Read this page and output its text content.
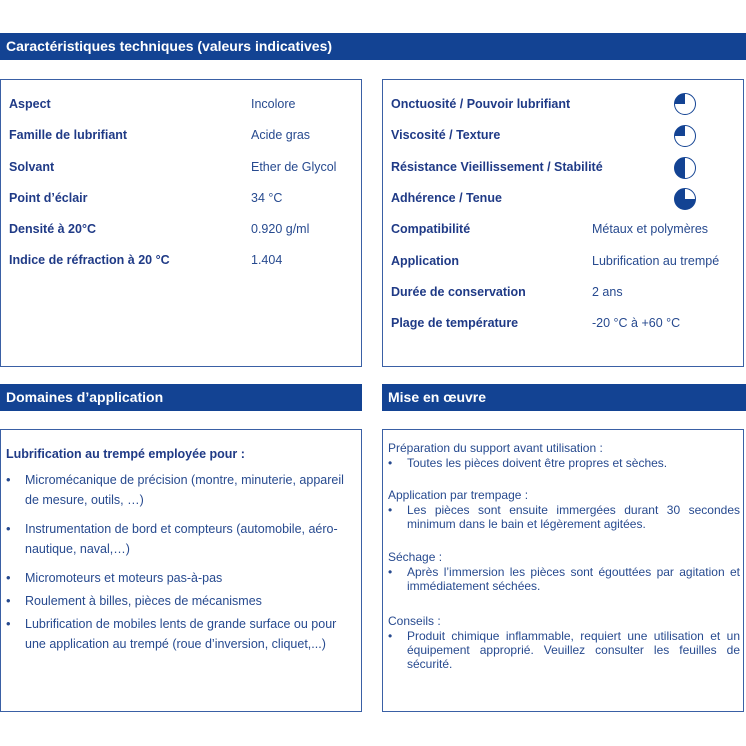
Caractéristiques techniques (valeurs indicatives)
Aspect	Incolore
Famille de lubrifiant	Acide gras
Solvant	Ether de Glycol
Point d’éclair	34 °C
Densité à 20°C	0.920 g/ml
Indice de réfraction à 20 °C	1.404
Onctuosité / Pouvoir lubrifiant
Viscosité / Texture
Résistance Vieillissement / Stabilité
Adhérence / Tenue
Compatibilité	Métaux et polymères
Application	Lubrification au trempé
Durée de conservation	2 ans
Plage de température	-20 °C à +60 °C
Domaines d’application	Mise en œuvre
Lubrification au trempé employée pour :
• Micromécanique de précision (montre, minuterie, appareil de mesure, outils, …)
• Instrumentation de bord et compteurs (automobile, aéro-nautique, naval,…)
• Micromoteurs et moteurs pas-à-pas
• Roulement à billes, pièces de mécanismes
• Lubrification de mobiles lents de grande surface ou pour une application au trempé (roue d’inversion, cliquet,...)
Préparation du support avant utilisation :
• Toutes les pièces doivent être propres et sèches.
Application par trempage :
• Les pièces sont ensuite immergées durant 30 secondes minimum dans le bain et légèrement agitées.
Séchage :
• Après l’immersion les pièces sont égouttées par agitation et immédiatement séchées.
Conseils :
• Produit chimique inflammable, requiert une utilisation et un équipement approprié. Veuillez consulter les feuilles de sécurité.
